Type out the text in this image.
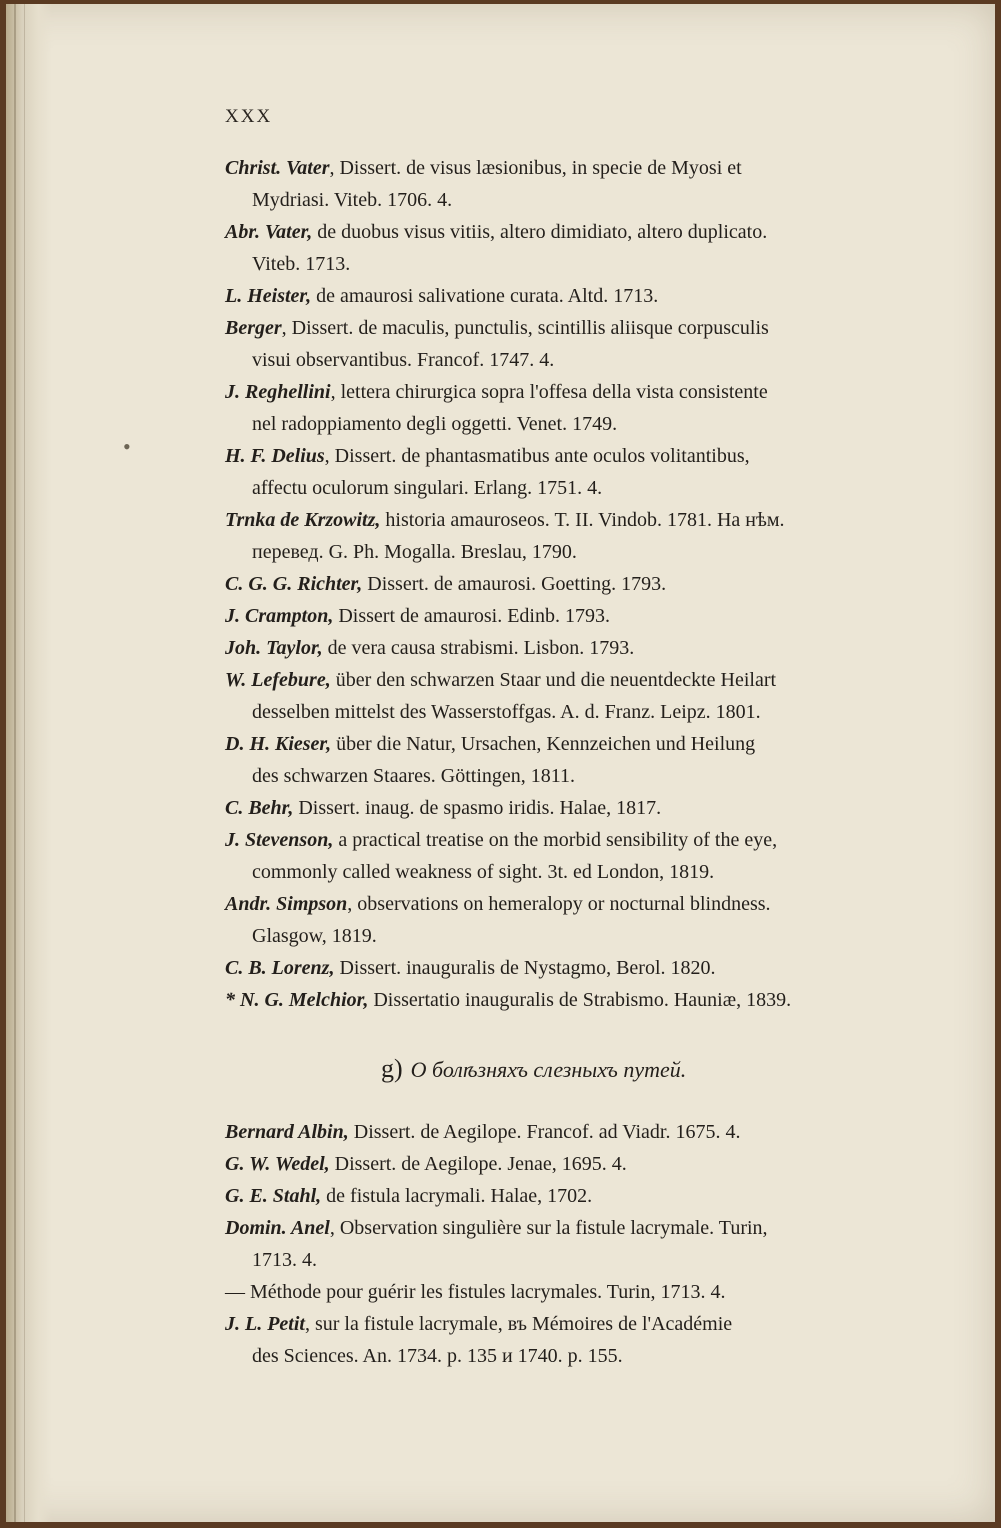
•
XXX
Christ. Vater, Dissert. de visus læsionibus, in specie de Myosi et
Mydriasi. Viteb. 1706. 4.
Abr. Vater, de duobus visus vitiis, altero dimidiato, altero duplicato.
Viteb. 1713.
L. Heister, de amaurosi salivatione curata. Altd. 1713.
Berger, Dissert. de maculis, punctulis, scintillis aliisque corpusculis
visui observantibus. Francof. 1747. 4.
J. Reghellini, lettera chirurgica sopra l'offesa della vista consistente
nel radoppiamento degli oggetti. Venet. 1749.
H. F. Delius, Dissert. de phantasmatibus ante oculos volitantibus,
affectu oculorum singulari. Erlang. 1751. 4.
Trnka de Krzowitz, historia amauroseos. T. II. Vindob. 1781. На нѣм.
перевед. G. Ph. Mogalla. Breslau, 1790.
C. G. G. Richter, Dissert. de amaurosi. Goetting. 1793.
J. Crampton, Dissert de amaurosi. Edinb. 1793.
Joh. Taylor, de vera causa strabismi. Lisbon. 1793.
W. Lefebure, über den schwarzen Staar und die neuentdeckte Heilart
desselben mittelst des Wasserstoffgas. A. d. Franz. Leipz. 1801.
D. H. Kieser, über die Natur, Ursachen, Kennzeichen und Heilung
des schwarzen Staares. Göttingen, 1811.
C. Behr, Dissert. inaug. de spasmo iridis. Halae, 1817.
J. Stevenson, a practical treatise on the morbid sensibility of the eye,
commonly called weakness of sight. 3t. ed London, 1819.
Andr. Simpson, observations on hemeralopy or nocturnal blindness.
Glasgow, 1819.
C. B. Lorenz, Dissert. inauguralis de Nystagmo, Berol. 1820.
* N. G. Melchior, Dissertatio inauguralis de Strabismo. Hauniæ, 1839.
g) О болѣзняхъ слезныхъ путей.
Bernard Albin, Dissert. de Aegilope. Francof. ad Viadr. 1675. 4.
G. W. Wedel, Dissert. de Aegilope. Jenae, 1695. 4.
G. E. Stahl, de fistula lacrymali. Halae, 1702.
Domin. Anel, Observation singulière sur la fistule lacrymale. Turin,
1713. 4.
— Méthode pour guérir les fistules lacrymales. Turin, 1713. 4.
J. L. Petit, sur la fistule lacrymale, въ Mémoires de l'Académie
des Sciences. An. 1734. p. 135 и 1740. p. 155.
